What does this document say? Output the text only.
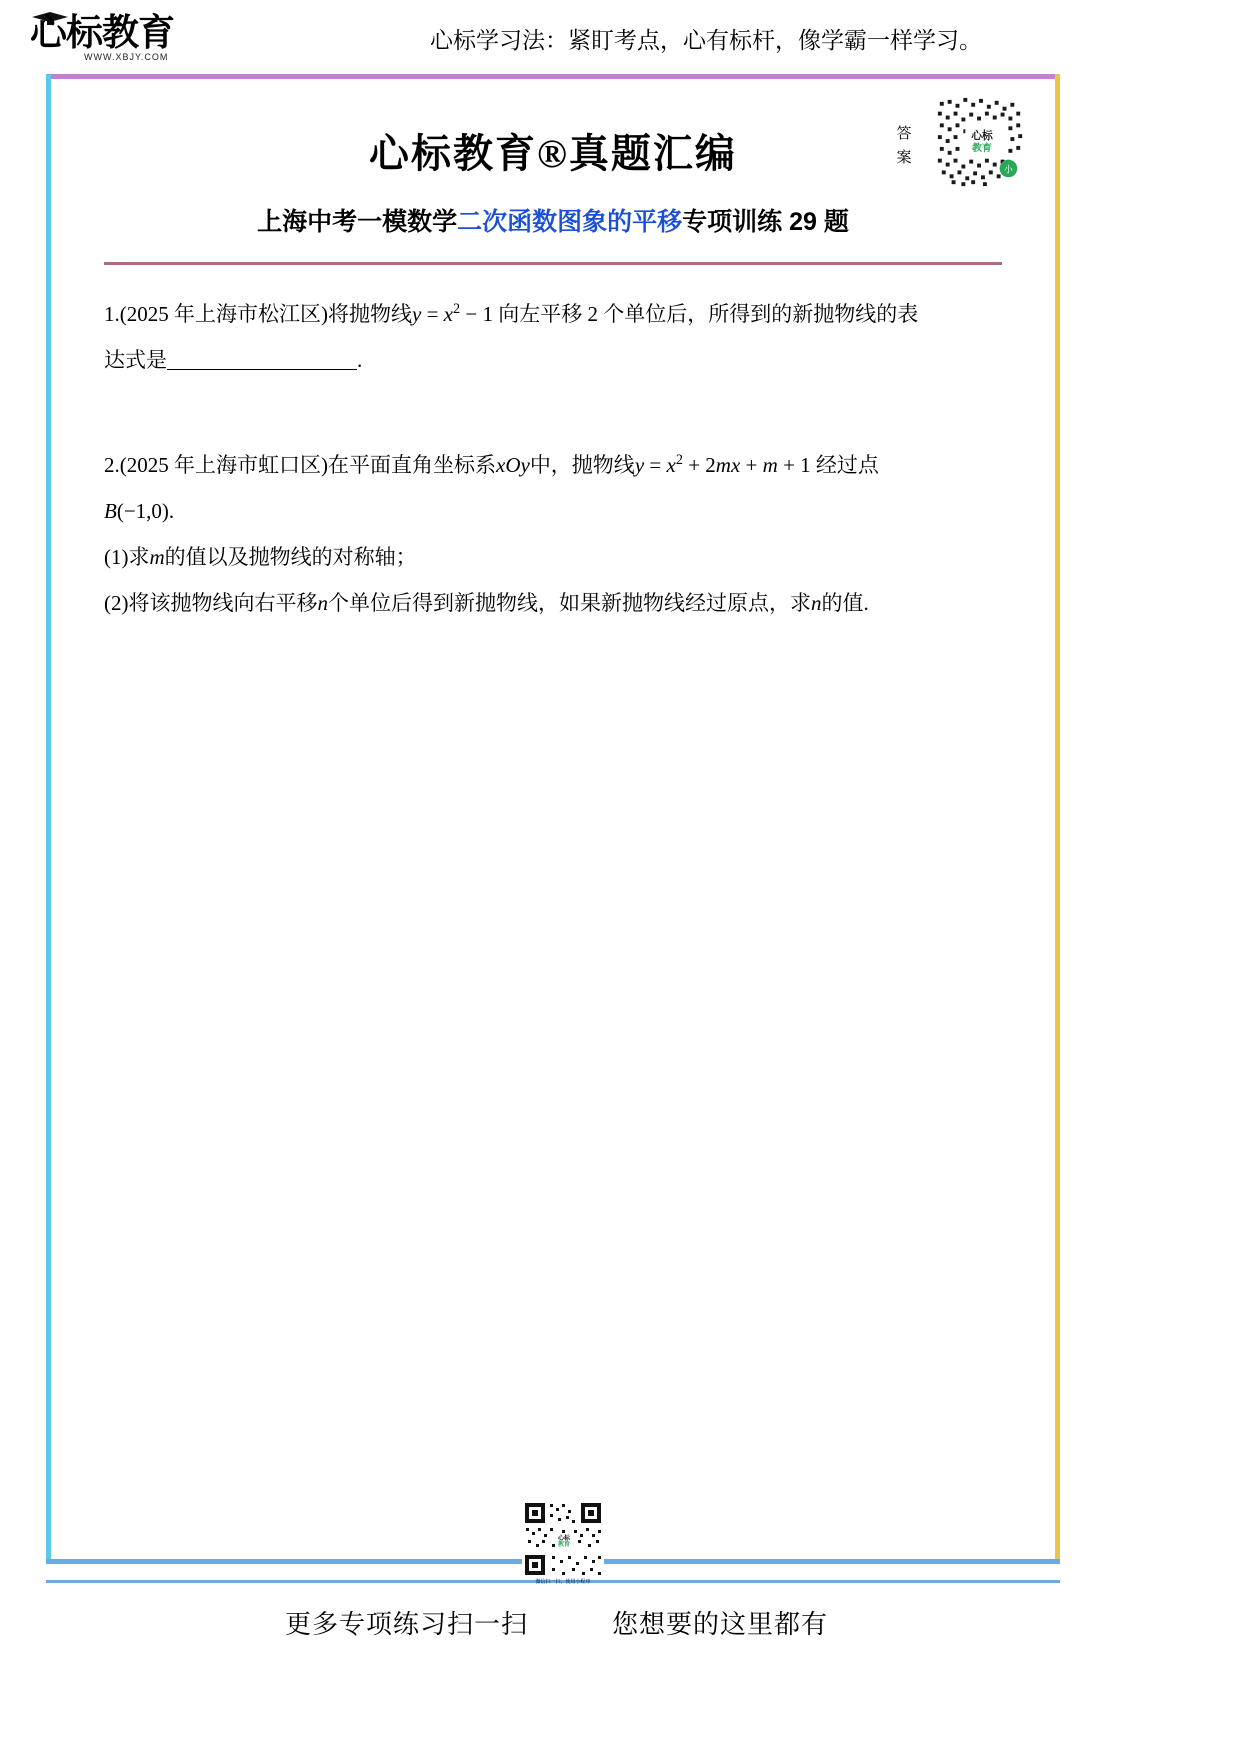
心标教育
WWW.XBJY.COM
心标学习法：紧盯考点，心有标杆，像学霸一样学习。
心标教育®真题汇编	答案
心标
教育
小
上海中考一模数学二次函数图象的平移专项训练 29 题
1.(2025 年上海市松江区)将抛物线$y = x^2 - 1$ 向左平移 2 个单位后，所得到的新抛物线的表
达式是	.
2.(2025 年上海市虹口区)在平面直角坐标系xOy中，抛物线$y = x^2 + 2mx + m + 1$ 经过点
B(−1,0).
(1)求m的值以及抛物线的对称轴；
(2)将该抛物线向右平移n个单位后得到新抛物线，如果新抛物线经过原点，求n的值.
心标
教育
微信扫一扫，使用小程序
更多专项练习扫一扫	您想要的这里都有
